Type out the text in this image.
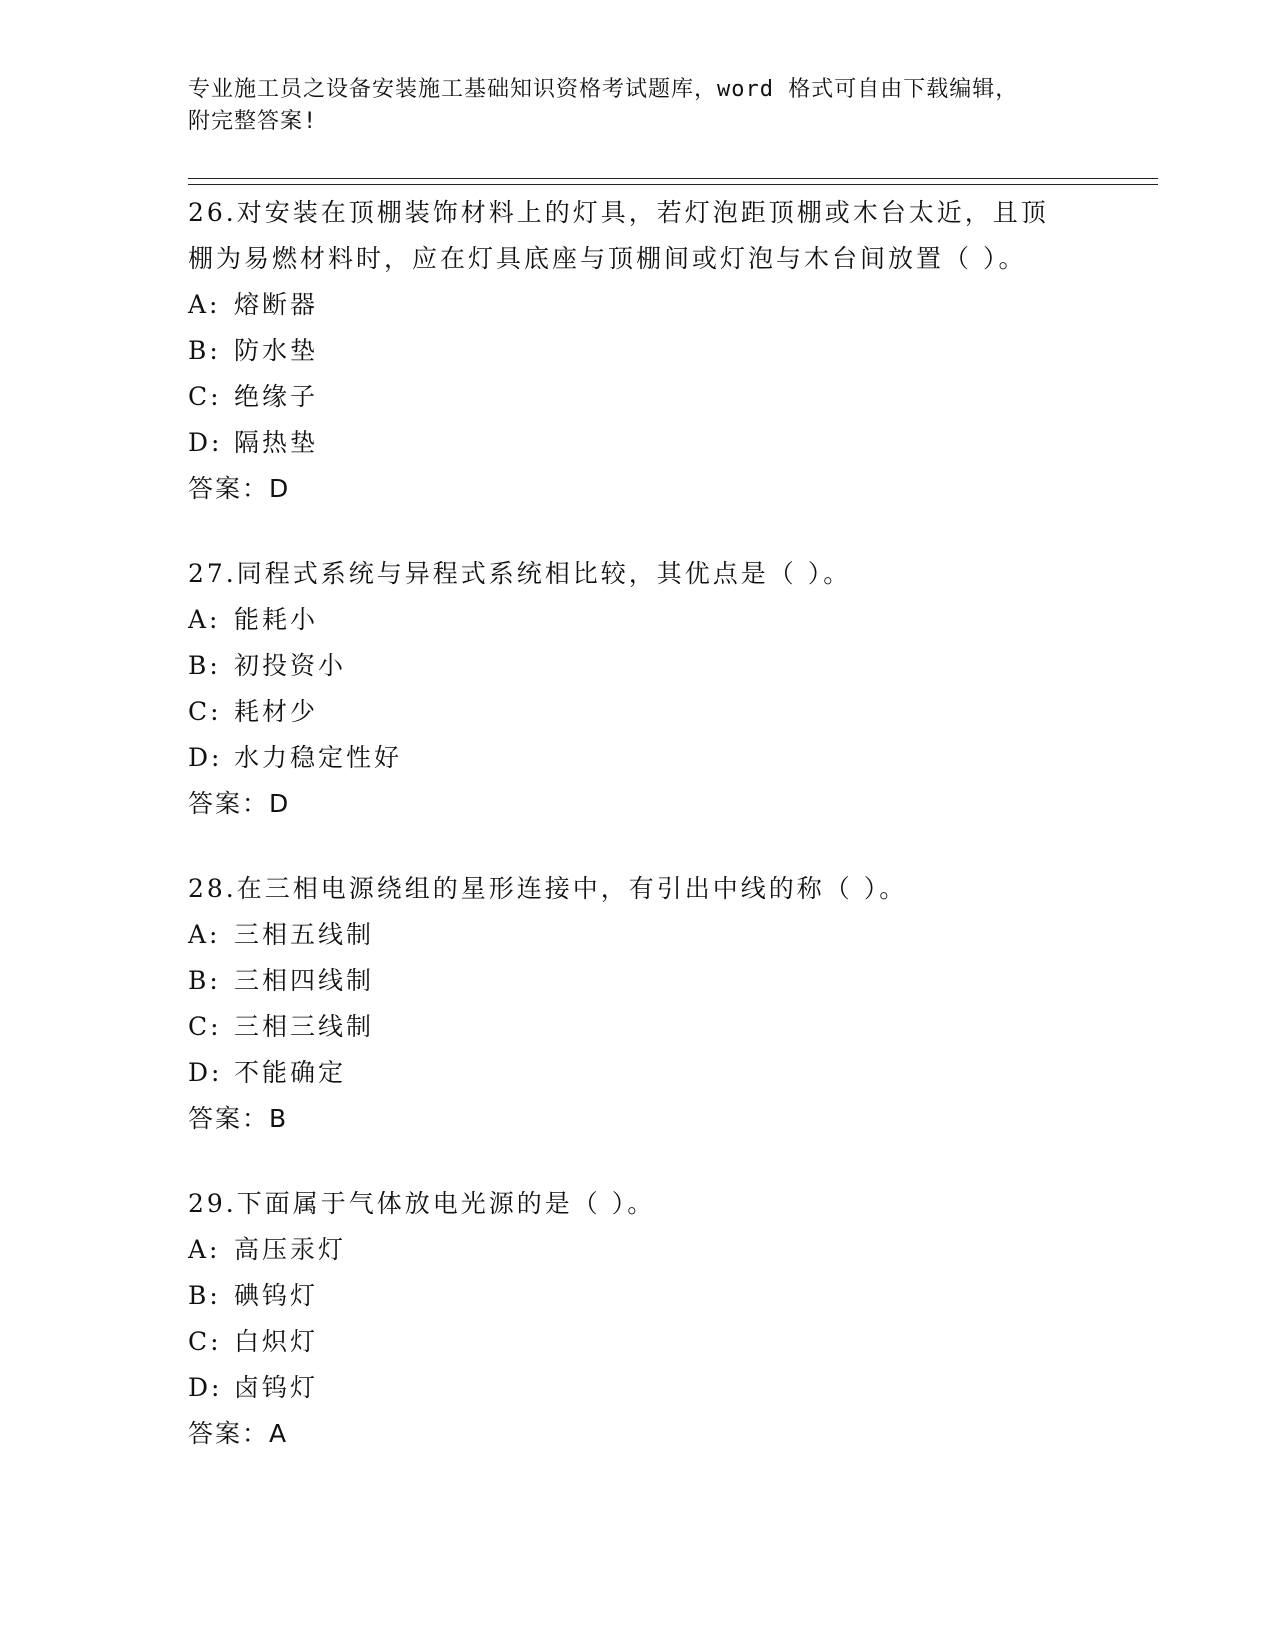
专业施工员之设备安装施工基础知识资格考试题库，word 格式可自由下载编辑，
附完整答案!

26.对安装在顶棚装饰材料上的灯具，若灯泡距顶棚或木台太近，且顶
棚为易燃材料时，应在灯具底座与顶棚间或灯泡与木台间放置（ ）。

A: 熔断器

B: 防水垫

C: 绝缘子

D: 隔热垫

答案：D

27.同程式系统与异程式系统相比较，其优点是（ ）。

A: 能耗小

B: 初投资小

C: 耗材少

D: 水力稳定性好

答案：D

28.在三相电源绕组的星形连接中，有引出中线的称（ ）。

A: 三相五线制

B: 三相四线制

C: 三相三线制

D: 不能确定

答案：B

29.下面属于气体放电光源的是（ ）。

A: 高压汞灯

B: 碘钨灯

C: 白炽灯

D: 卤钨灯

答案：A
